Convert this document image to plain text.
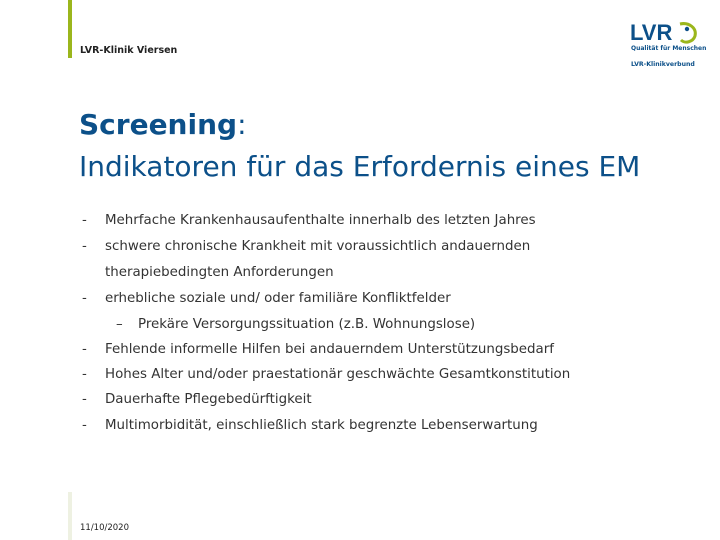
LVR-Klinik Viersen
LVR
Qualität für Menschen
LVR-Klinikverbund
Screening:
Indikatoren für das Erfordernis eines EM
- Mehrfache Krankenhausaufenthalte innerhalb des letzten Jahres
- schwere chronische Krankheit mit voraussichtlich andauernden
therapiebedingten Anforderungen
- erhebliche soziale und/ oder familiäre Konfliktfelder
– Prekäre Versorgungssituation (z.B. Wohnungslose)
- Fehlende informelle Hilfen bei andauerndem Unterstützungsbedarf
- Hohes Alter und/oder praestationär geschwächte Gesamtkonstitution
- Dauerhafte Pflegebedürftigkeit
- Multimorbidität, einschließlich stark begrenzte Lebenserwartung
11/10/2020
